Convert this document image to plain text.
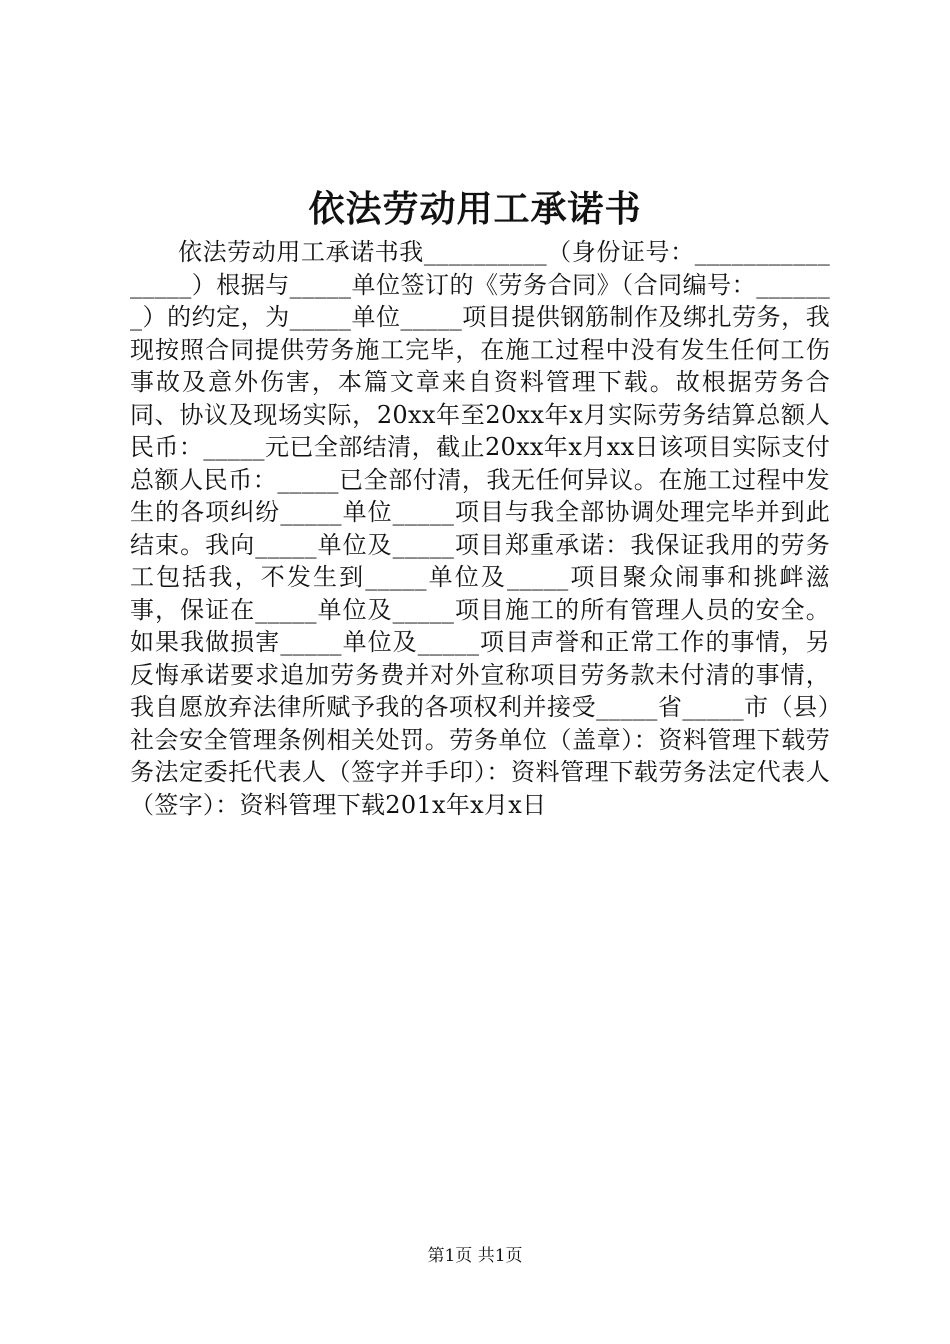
依法劳动用工承诺书
依法劳动用工承诺书我__________（身份证号：________________）根据与_____单位签订的《劳务合同》（合同编号：_______）的约定，为_____单位_____项目提供钢筋制作及绑扎劳务，我现按照合同提供劳务施工完毕，在施工过程中没有发生任何工伤事故及意外伤害，本篇文章来自资料管理下载。故根据劳务合同、协议及现场实际，20xx年至20xx年x月实际劳务结算总额人民币：_____元已全部结清，截止20xx年x月xx日该项目实际支付总额人民币：_____已全部付清，我无任何异议。在施工过程中发生的各项纠纷_____单位_____项目与我全部协调处理完毕并到此结束。我向_____单位及_____项目郑重承诺：我保证我用的劳务工包括我，不发生到_____单位及_____项目聚众闹事和挑衅滋事，保证在_____单位及_____项目施工的所有管理人员的安全。如果我做损害_____单位及_____项目声誉和正常工作的事情，另反悔承诺要求追加劳务费并对外宣称项目劳务款未付清的事情，我自愿放弃法律所赋予我的各项权利并接受_____省_____市（县）社会安全管理条例相关处罚。劳务单位（盖章）：资料管理下载劳务法定委托代表人（签字并手印）：资料管理下载劳务法定代表人（签字）：资料管理下载201x年x月x日
第1页 共1页
